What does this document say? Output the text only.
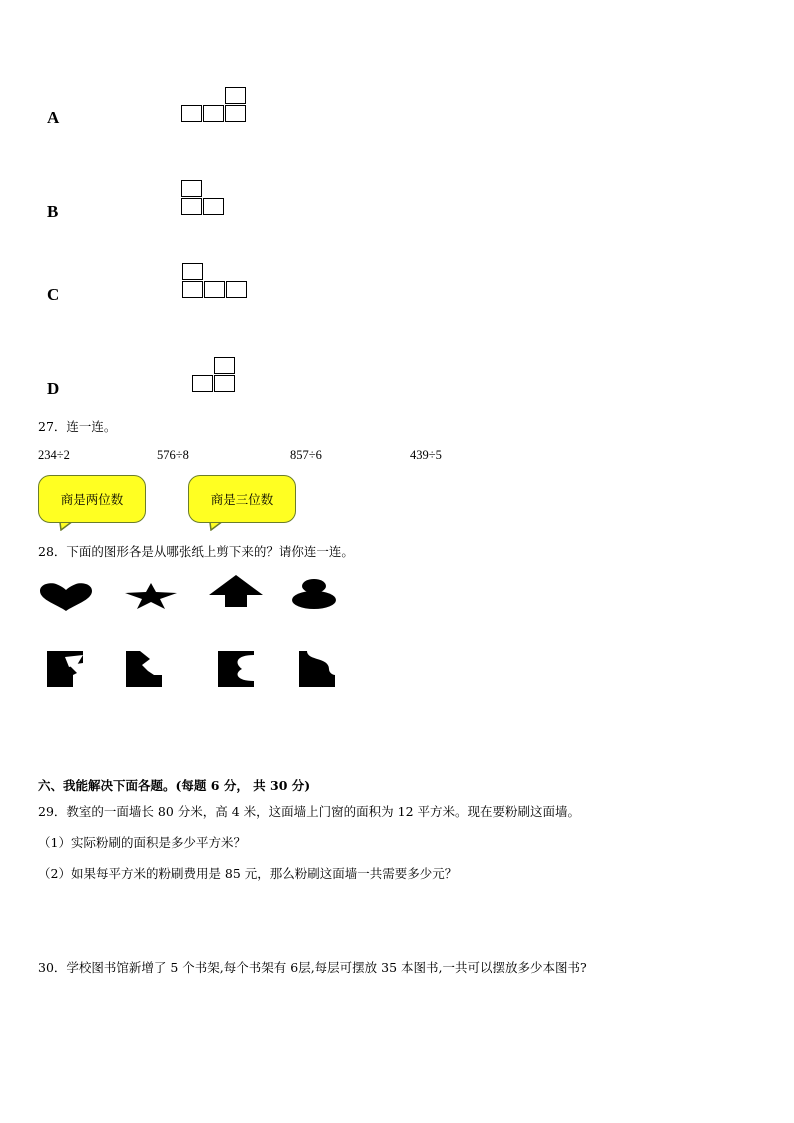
A
B
C
D
27．连一连。
234÷2	576÷8	857÷6	439÷5
商是两位数	商是三位数
28．下面的图形各是从哪张纸上剪下来的？请你连一连。
六、我能解决下面各题。(每题 6 分， 共 30 分)
29．教室的一面墙长 80 分米，高 4 米，这面墙上门窗的面积为 12 平方米。现在要粉刷这面墙。
（1）实际粉刷的面积是多少平方米？
（2）如果每平方米的粉刷费用是 85 元，那么粉刷这面墙一共需要多少元？
30．学校图书馆新增了 5 个书架,每个书架有 6层,每层可摆放 35 本图书,一共可以摆放多少本图书?
